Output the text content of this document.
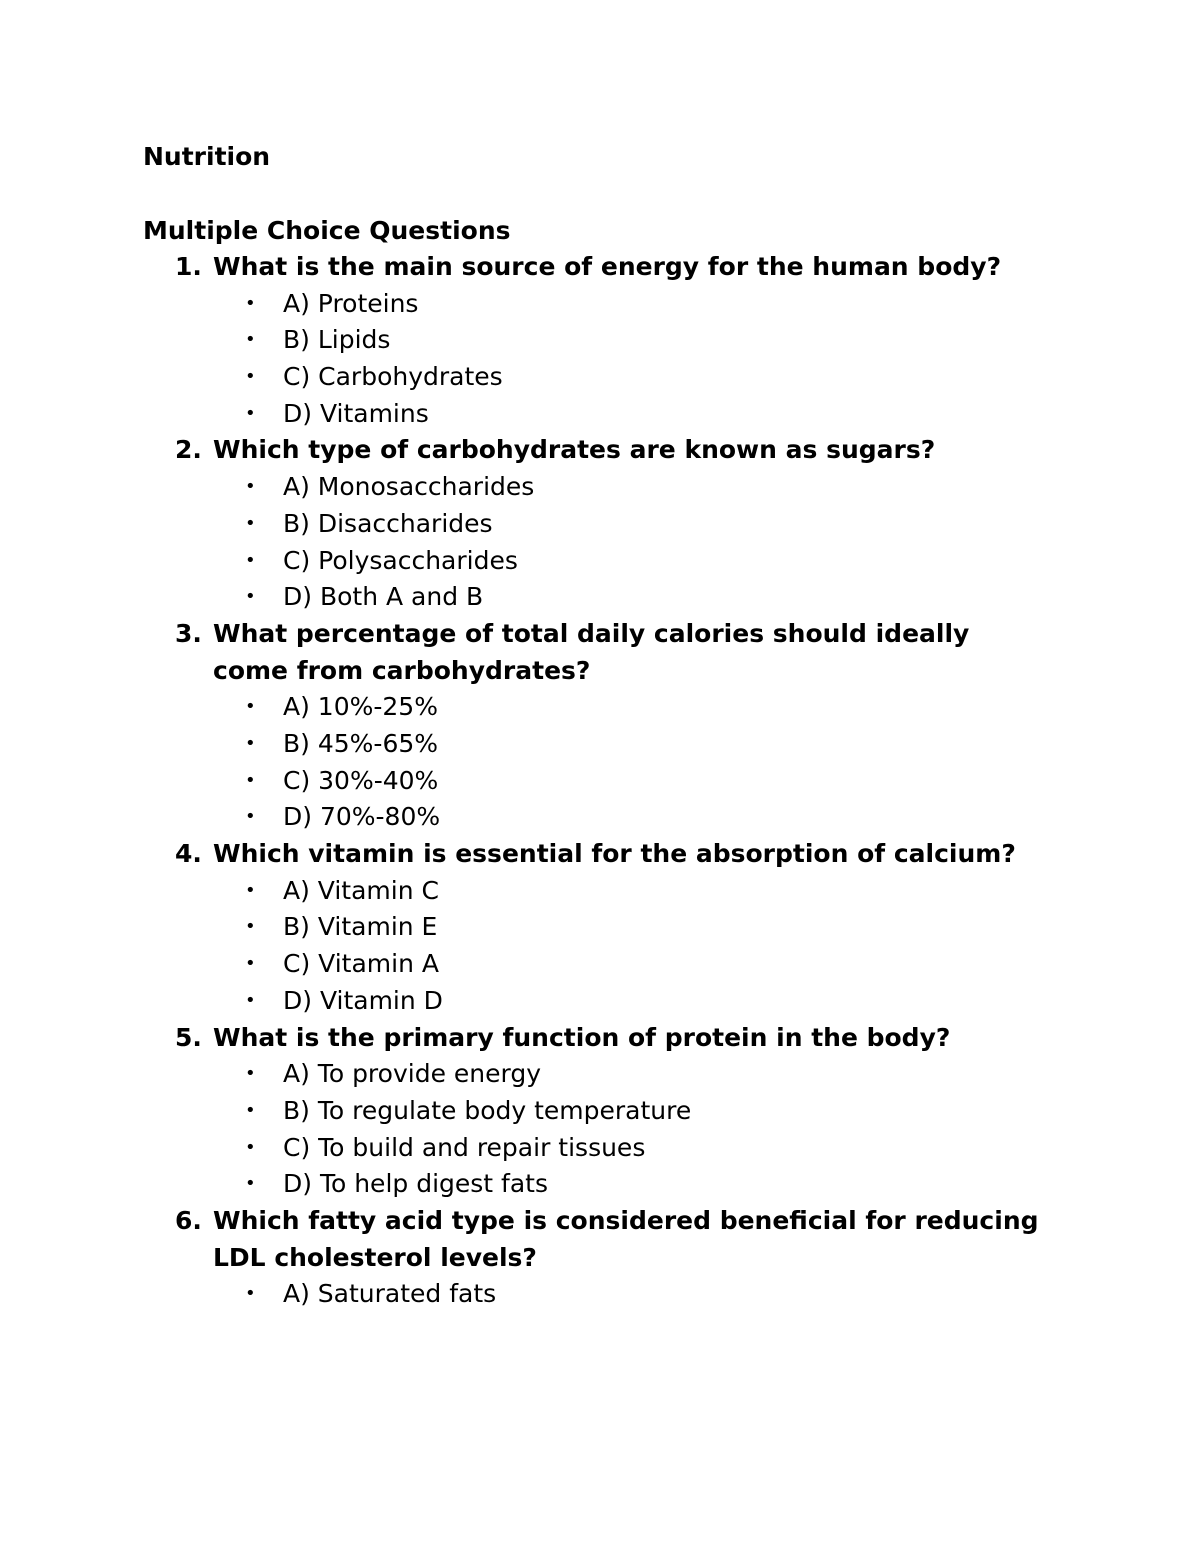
Nutrition
Multiple Choice Questions
1. What is the main source of energy for the human body?

• A) Proteins
• B) Lipids
• C) Carbohydrates
• D) Vitamins
2. Which type of carbohydrates are known as sugars?

• A) Monosaccharides
• B) Disaccharides
• C) Polysaccharides
• D) Both A and B
3. What percentage of total daily calories should ideally come from carbohydrates?

• A) 10%-25%
• B) 45%-65%
• C) 30%-40%
• D) 70%-80%
4. Which vitamin is essential for the absorption of calcium?

• A) Vitamin C
• B) Vitamin E
• C) Vitamin A
• D) Vitamin D
5. What is the primary function of protein in the body?

• A) To provide energy
• B) To regulate body temperature
• C) To build and repair tissues
• D) To help digest fats
6. Which fatty acid type is considered beneficial for reducing LDL cholesterol levels?

• A) Saturated fats
